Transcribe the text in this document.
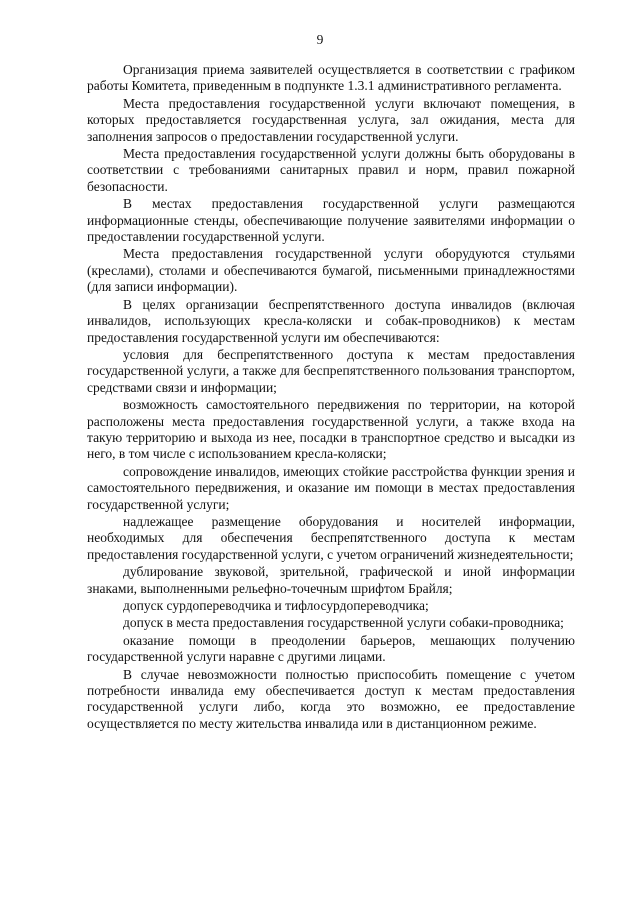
9

Организация приема заявителей осуществляется в соответствии с графиком работы Комитета, приведенным в подпункте 1.3.1 административного регламента.

Места предоставления государственной услуги включают помещения, в которых предоставляется государственная услуга, зал ожидания, места для заполнения запросов о предоставлении государственной услуги.

Места предоставления государственной услуги должны быть оборудованы в соответствии с требованиями санитарных правил и норм, правил пожарной безопасности.

В местах предоставления государственной услуги размещаются информационные стенды, обеспечивающие получение заявителями информации о предоставлении государственной услуги.

Места предоставления государственной услуги оборудуются стульями (креслами), столами и обеспечиваются бумагой, письменными принадлежностями (для записи информации).

В целях организации беспрепятственного доступа инвалидов (включая инвалидов, использующих кресла-коляски и собак-проводников) к местам предоставления государственной услуги им обеспечиваются:

условия для беспрепятственного доступа к местам предоставления государственной услуги, а также для беспрепятственного пользования транспортом, средствами связи и информации;

возможность самостоятельного передвижения по территории, на которой расположены места предоставления государственной услуги, а также входа на такую территорию и выхода из нее, посадки в транспортное средство и высадки из него, в том числе с использованием кресла-коляски;

сопровождение инвалидов, имеющих стойкие расстройства функции зрения и самостоятельного передвижения, и оказание им помощи в местах предоставления государственной услуги;

надлежащее размещение оборудования и носителей информации, необходимых для обеспечения беспрепятственного доступа к местам предоставления государственной услуги, с учетом ограничений жизнедеятельности;

дублирование звуковой, зрительной, графической и иной информации знаками, выполненными рельефно-точечным шрифтом Брайля;

допуск сурдопереводчика и тифлосурдопереводчика;

допуск в места предоставления государственной услуги собаки-проводника;

оказание помощи в преодолении барьеров, мешающих получению государственной услуги наравне с другими лицами.

В случае невозможности полностью приспособить помещение с учетом потребности инвалида ему обеспечивается доступ к местам предоставления государственной услуги либо, когда это возможно, ее предоставление осуществляется по месту жительства инвалида или в дистанционном режиме.
